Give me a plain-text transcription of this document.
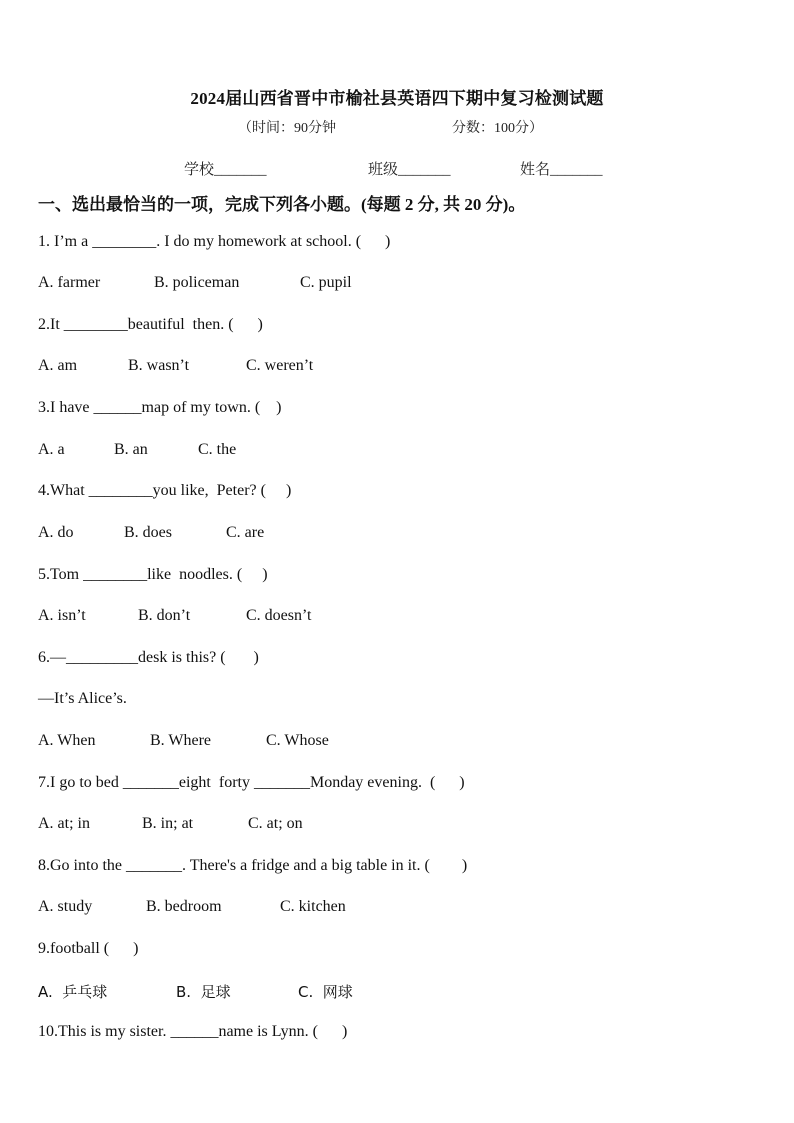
2024届山西省晋中市榆社县英语四下期中复习检测试题
（时间：90分钟	分数：100分）
学校_______	班级_______	姓名_______
一、选出最恰当的一项，完成下列各小题。(每题 2 分, 共 20 分)。
1. I’m a ________. I do my homework at school. (      )
A. farmer	B. policeman	C. pupil
2.It ________beautiful  then. (      )
A. am	B. wasn’t	C. weren’t
3.I have ______map of my town. (    )
A. a	B. an	C. the
4.What ________you like,  Peter? (     )
A. do	B. does	C. are
5.Tom ________like  noodles. (     )
A. isn’t	B. don’t	C. doesn’t
6.—_________desk is this? (       )
—It’s Alice’s.
A. When	B. Where	C. Whose
7.I go to bed _______eight  forty _______Monday evening.  (      )
A. at; in	B. in; at	C. at; on
8.Go into the _______. There's a fridge and a big table in it. (        )
A. study	B. bedroom	C. kitchen
9.football (      )
A.  乒乓球	B.  足球	C.  网球
10.This is my sister. ______name is Lynn. (      )
